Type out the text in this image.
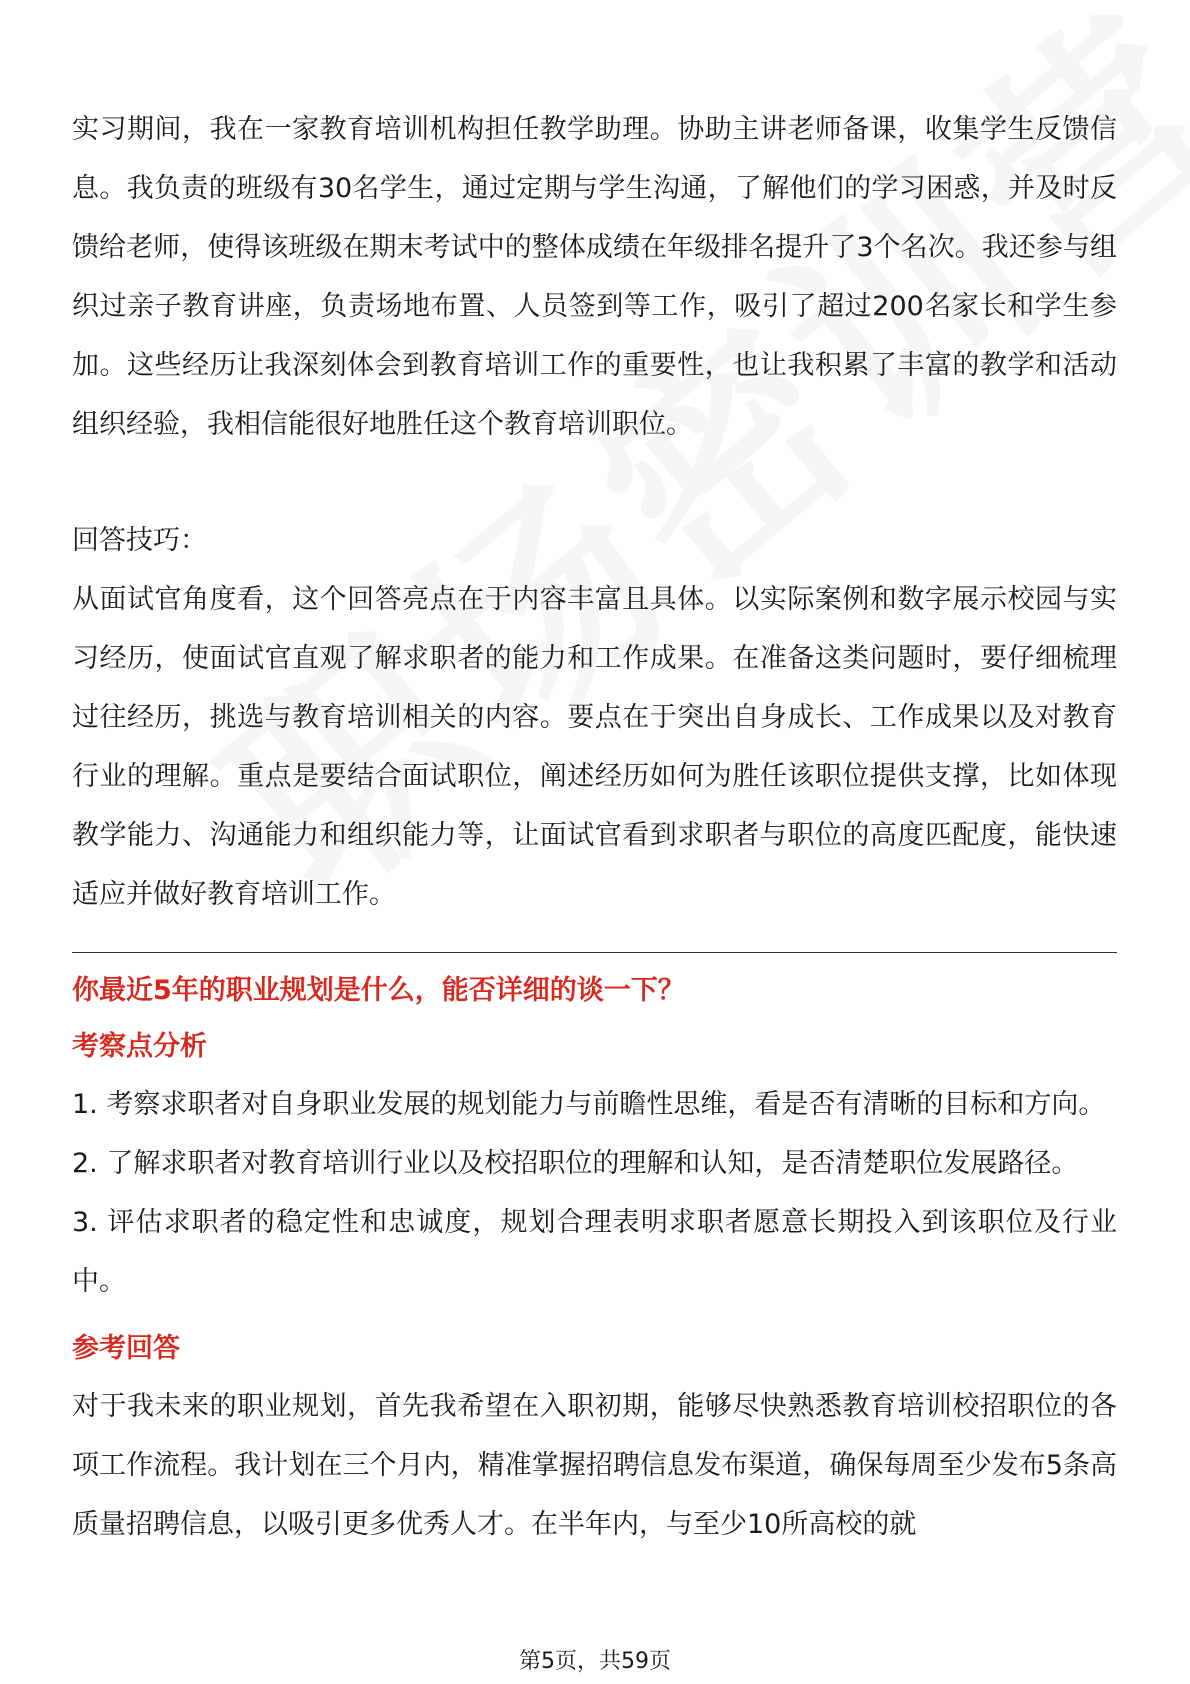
实习期间，我在一家教育培训机构担任教学助理。协助主讲老师备课，收集学生反馈信息。我负责的班级有30名学生，通过定期与学生沟通，了解他们的学习困惑，并及时反馈给老师，使得该班级在期末考试中的整体成绩在年级排名提升了3个名次。我还参与组织过亲子教育讲座，负责场地布置、人员签到等工作，吸引了超过200名家长和学生参加。这些经历让我深刻体会到教育培训工作的重要性，也让我积累了丰富的教学和活动组织经验，我相信能很好地胜任这个教育培训职位。

回答技巧：

从面试官角度看，这个回答亮点在于内容丰富且具体。以实际案例和数字展示校园与实习经历，使面试官直观了解求职者的能力和工作成果。在准备这类问题时，要仔细梳理过往经历，挑选与教育培训相关的内容。要点在于突出自身成长、工作成果以及对教育行业的理解。重点是要结合面试职位，阐述经历如何为胜任该职位提供支撑，比如体现教学能力、沟通能力和组织能力等，让面试官看到求职者与职位的高度匹配度，能快速适应并做好教育培训工作。

你最近5年的职业规划是什么，能否详细的谈一下？

考察点分析

1. 考察求职者对自身职业发展的规划能力与前瞻性思维，看是否有清晰的目标和方向。

2. 了解求职者对教育培训行业以及校招职位的理解和认知，是否清楚职位发展路径。

3. 评估求职者的稳定性和忠诚度，规划合理表明求职者愿意长期投入到该职位及行业中。

参考回答

对于我未来的职业规划，首先我希望在入职初期，能够尽快熟悉教育培训校招职位的各项工作流程。我计划在三个月内，精准掌握招聘信息发布渠道，确保每周至少发布5条高质量招聘信息，以吸引更多优秀人才。在半年内，与至少10所高校的就

第5页，共59页
